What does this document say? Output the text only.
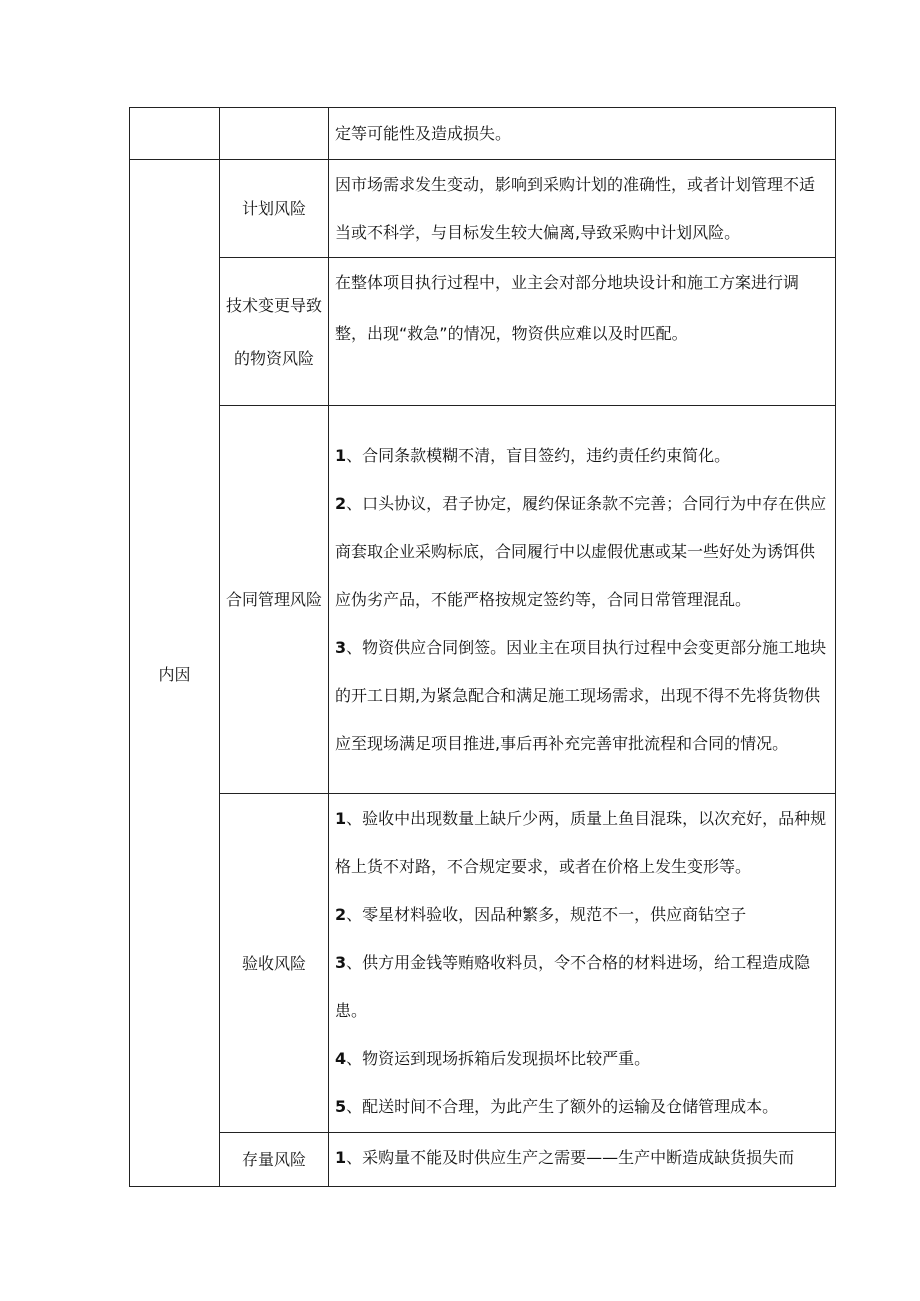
		定等可能性及造成损失。

内因	计划风险	因市场需求发生变动，影响到采购计划的准确性，或者计划管理不适当或不科学，与目标发生较大偏离,导致采购中计划风险。

	技术变更导致的物资风险	在整体项目执行过程中，业主会对部分地块设计和施工方案进行调整，出现“救急”的情况，物资供应难以及时匹配。

	合同管理风险	1、合同条款模糊不清，盲目签约，违约责任约束简化。

2、口头协议，君子协定，履约保证条款不完善；合同行为中存在供应商套取企业采购标底，合同履行中以虚假优惠或某一些好处为诱饵供应伪劣产品，不能严格按规定签约等，合同日常管理混乱。

3、物资供应合同倒签。因业主在项目执行过程中会变更部分施工地块的开工日期,为紧急配合和满足施工现场需求，出现不得不先将货物供应至现场满足项目推进,事后再补充完善审批流程和合同的情况。

	验收风险	1、验收中出现数量上缺斤少两，质量上鱼目混珠，以次充好，品种规格上货不对路，不合规定要求，或者在价格上发生变形等。

2、零星材料验收，因品种繁多，规范不一，供应商钻空子

3、供方用金钱等贿赂收料员，令不合格的材料进场，给工程造成隐患。

4、物资运到现场拆箱后发现损坏比较严重。

5、配送时间不合理，为此产生了额外的运输及仓储管理成本。

	存量风险	1、采购量不能及时供应生产之需要——生产中断造成缺货损失而
